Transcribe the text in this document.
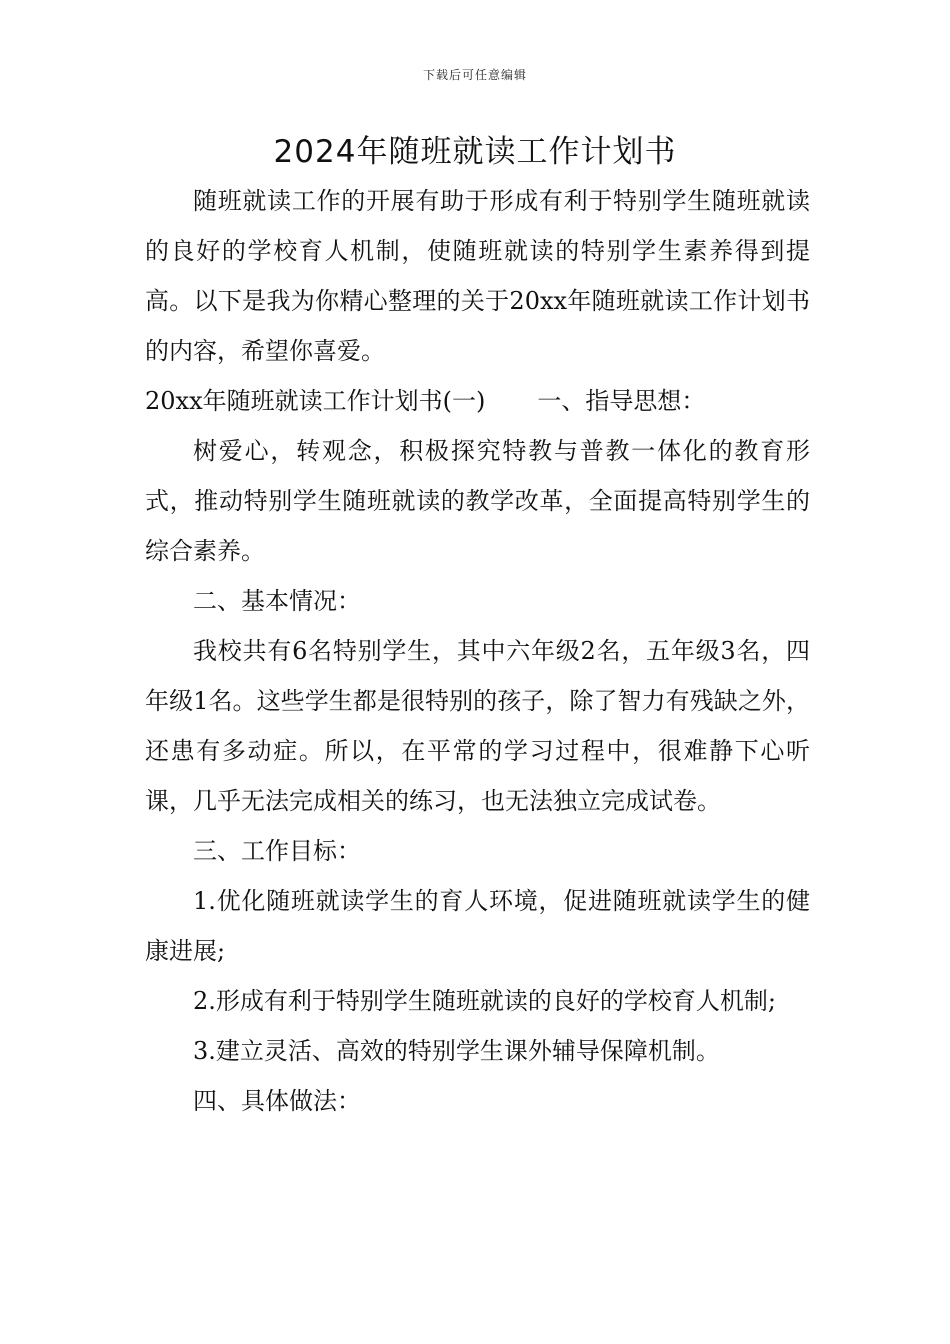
下载后可任意编辑
2024年随班就读工作计划书

随班就读工作的开展有助于形成有利于特别学生随班就读的良好的学校育人机制，使随班就读的特别学生素养得到提高。以下是我为你精心整理的关于20xx年随班就读工作计划书的内容，希望你喜爱。

20xx年随班就读工作计划书(一) 一、指导思想：

树爱心，转观念，积极探究特教与普教一体化的教育形式，推动特别学生随班就读的教学改革，全面提高特别学生的综合素养。

二、基本情况：

我校共有6名特别学生，其中六年级2名，五年级3名，四年级1名。这些学生都是很特别的孩子，除了智力有残缺之外，还患有多动症。所以，在平常的学习过程中，很难静下心听课，几乎无法完成相关的练习，也无法独立完成试卷。

三、工作目标：

1.优化随班就读学生的育人环境，促进随班就读学生的健康进展;

2.形成有利于特别学生随班就读的良好的学校育人机制;

3.建立灵活、高效的特别学生课外辅导保障机制。

四、具体做法：
